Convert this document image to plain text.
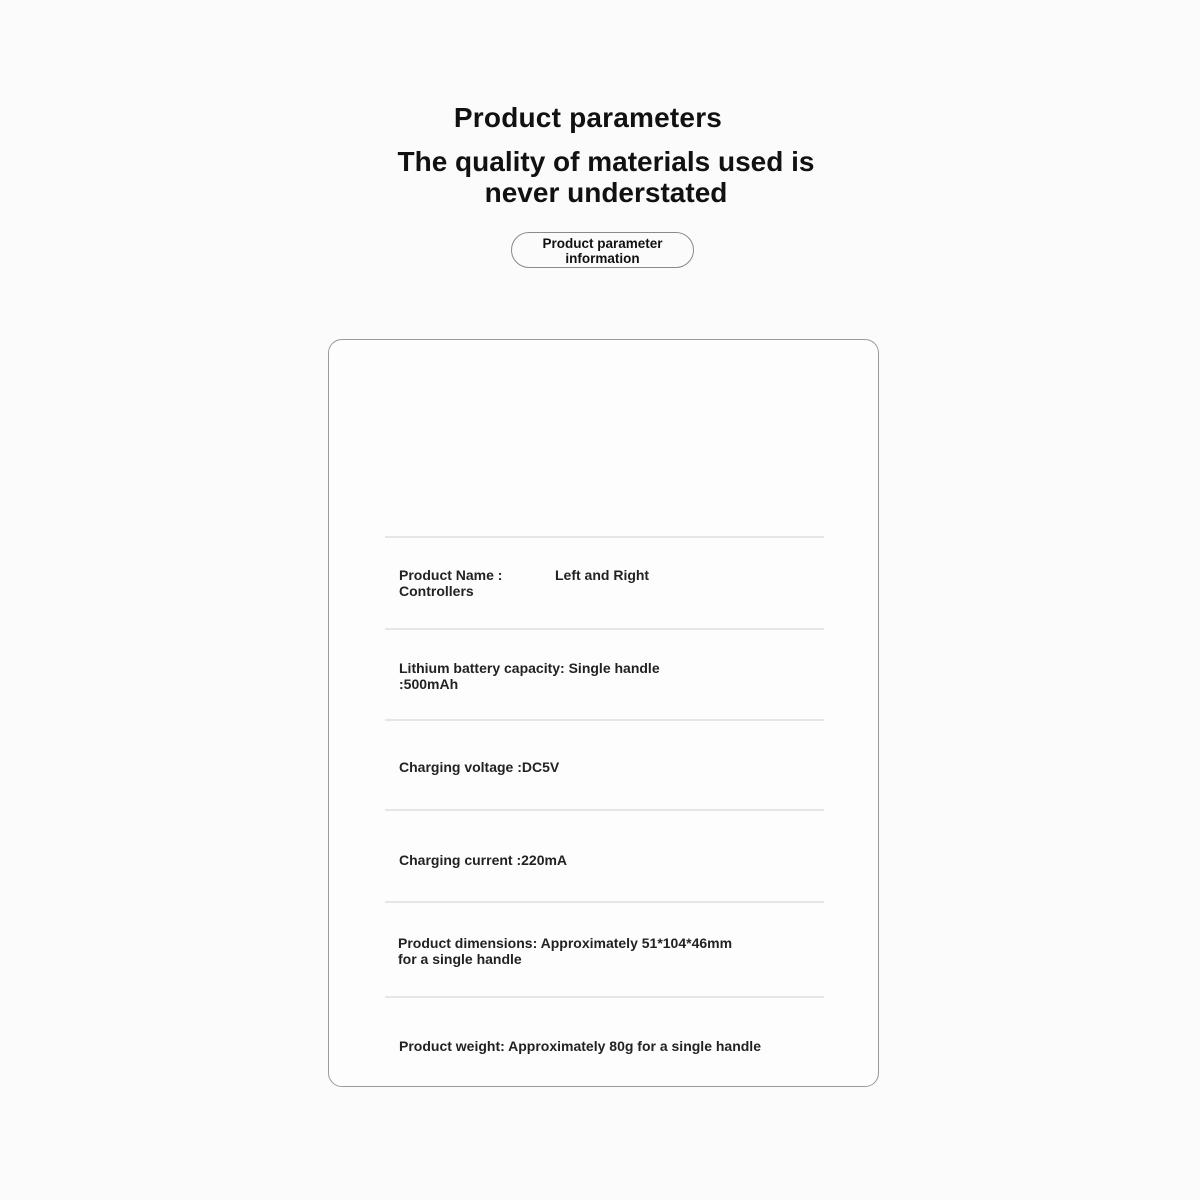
Product parameters
The quality of materials used is
never understated
Product parameter
information
Product Name :	Left and Right
Controllers
Lithium battery capacity: Single handle
:500mAh
Charging voltage :DC5V
Charging current :220mA
Product dimensions: Approximately 51*104*46mm
for a single handle
Product weight: Approximately 80g for a single handle
